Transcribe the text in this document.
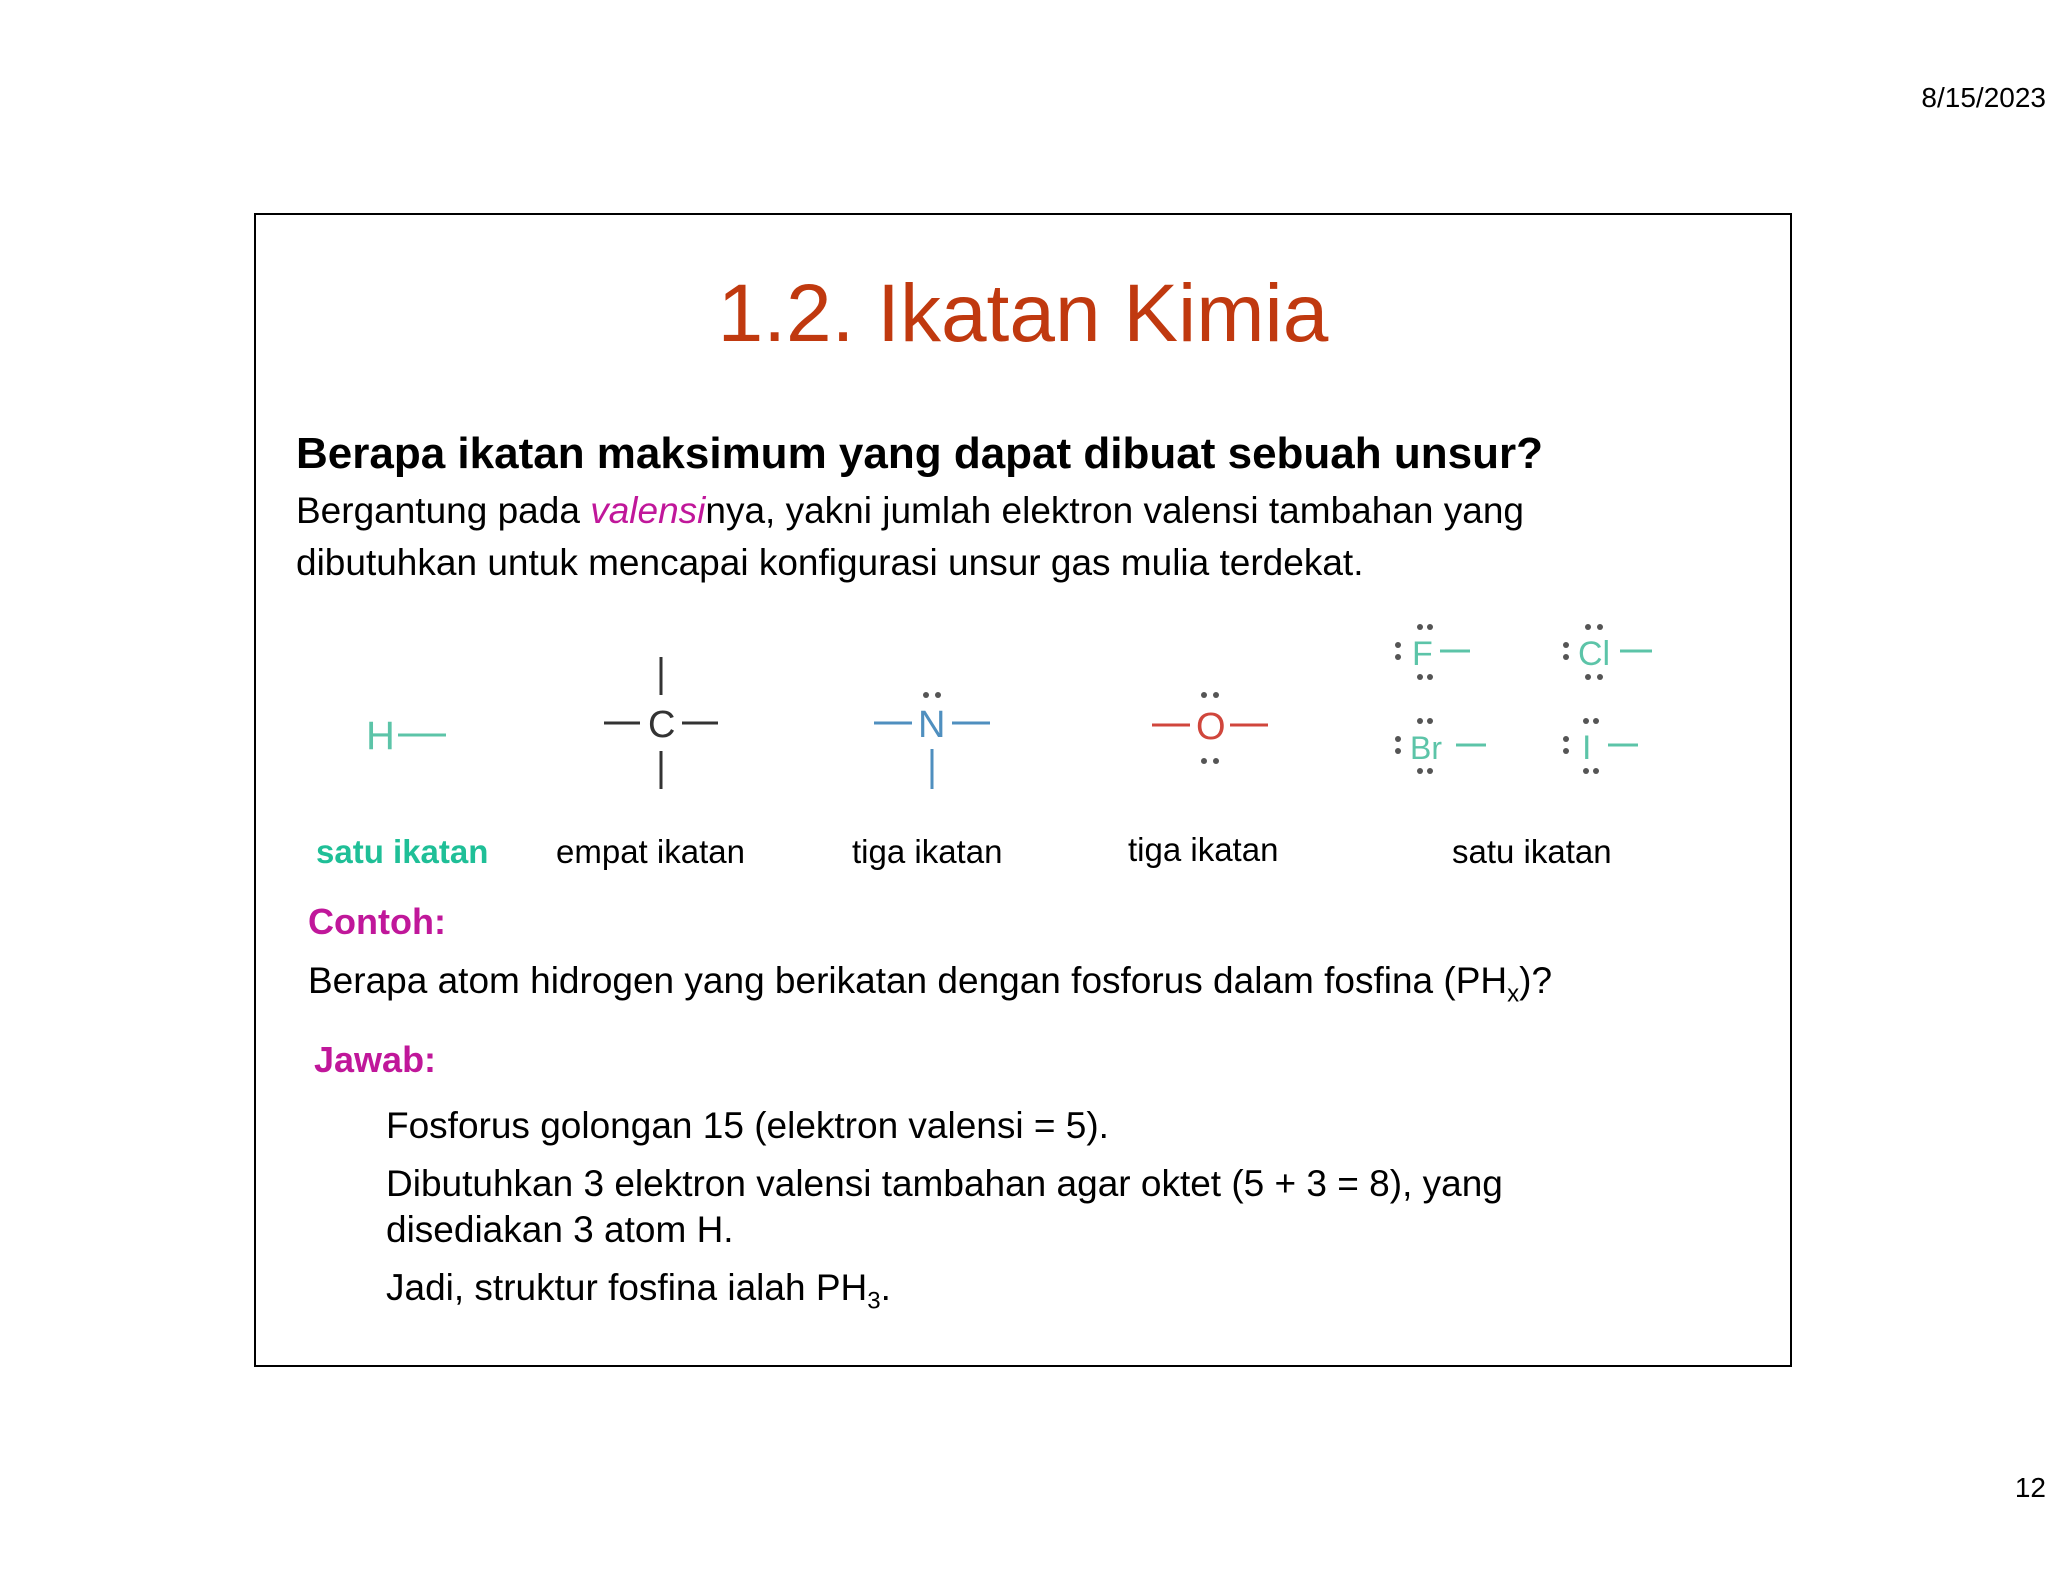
8/15/2023
1.2. Ikatan Kimia

Berapa ikatan maksimum yang dapat dibuat sebuah unsur?

Bergantung pada valensinya, yakni jumlah elektron valensi tambahan yang dibutuhkan untuk mencapai konfigurasi unsur gas mulia terdekat.

H	C	N	O
F	Cl
Br	I
satu ikatan empat ikatan	tiga ikatan	tiga ikatan	satu ikatan

Contoh:

Berapa atom hidrogen yang berikatan dengan fosforus dalam fosfina $(PH_x)$?

Jawab:

Fosforus golongan 15 (elektron valensi = 5).

Dibutuhkan 3 elektron valensi tambahan agar oktet (5 + 3 = 8), yang disediakan 3 atom H.

Jadi, struktur fosfina ialah $PH_3$.

12
